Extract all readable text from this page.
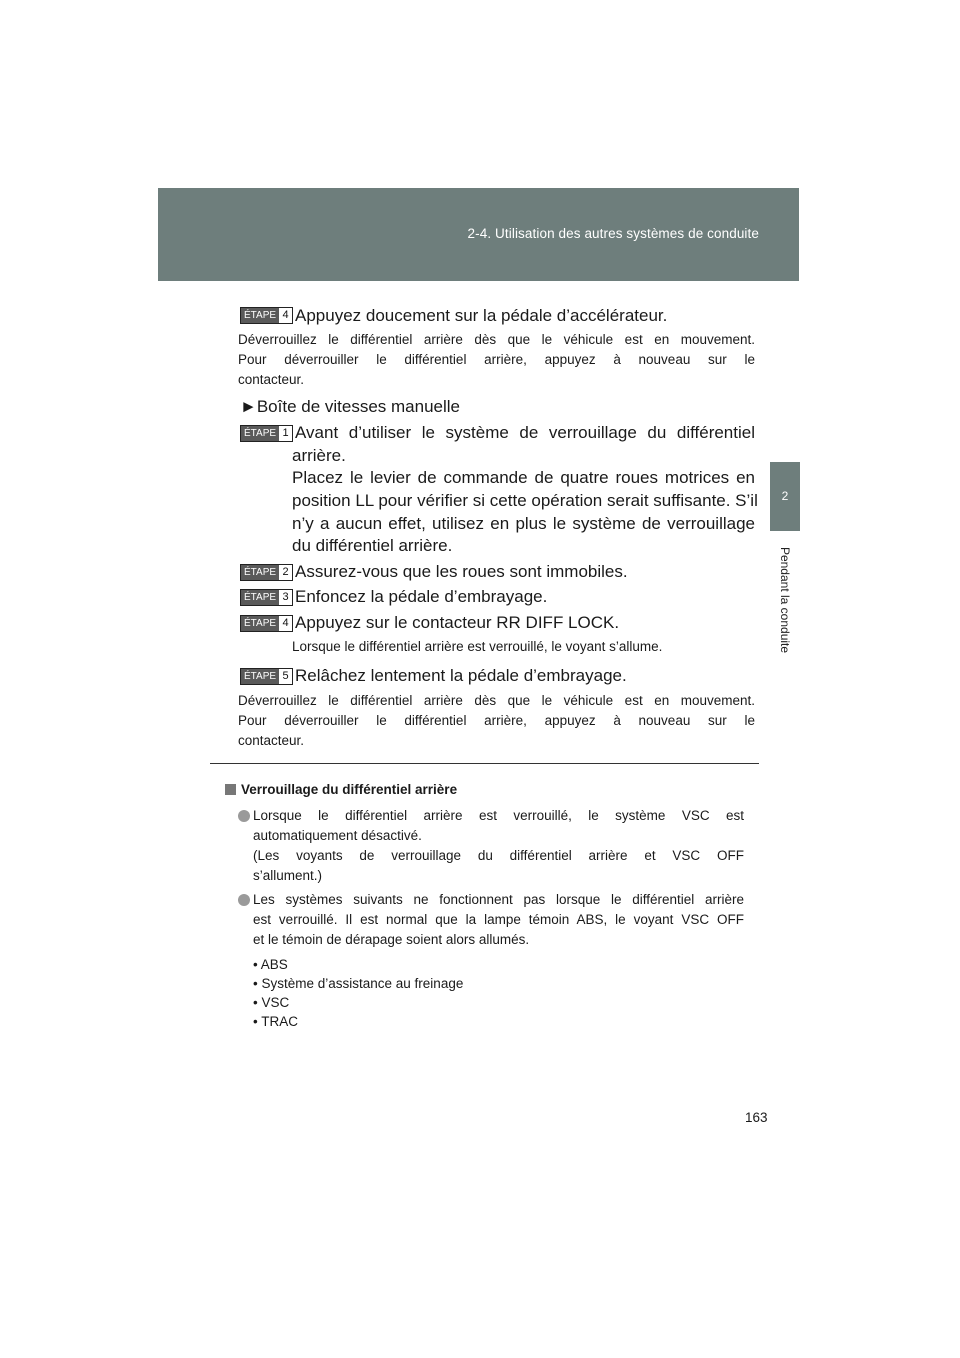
2-4. Utilisation des autres systèmes de conduite
2
Pendant la conduite
ÉTAPE 4 Appuyez doucement sur la pédale d’accélérateur.
Déverrouillez le différentiel arrière dès que le véhicule est en mouvement.
Pour déverrouiller le différentiel arrière, appuyez à nouveau sur le
contacteur.
►Boîte de vitesses manuelle
ÉTAPE 1 Avant d’utiliser le système de verrouillage du différentiel
arrière.
Placez le levier de commande de quatre roues motrices en
position LL pour vérifier si cette opération serait suffisante. S’il
n’y a aucun effet, utilisez en plus le système de verrouillage
du différentiel arrière.
ÉTAPE 2 Assurez-vous que les roues sont immobiles.
ÉTAPE 3 Enfoncez la pédale d’embrayage.
ÉTAPE 4 Appuyez sur le contacteur RR DIFF LOCK.
Lorsque le différentiel arrière est verrouillé, le voyant s’allume.
ÉTAPE 5 Relâchez lentement la pédale d’embrayage.
Déverrouillez le différentiel arrière dès que le véhicule est en mouvement.
Pour déverrouiller le différentiel arrière, appuyez à nouveau sur le
contacteur.
Verrouillage du différentiel arrière
Lorsque le différentiel arrière est verrouillé, le système VSC est
automatiquement désactivé.
(Les voyants de verrouillage du différentiel arrière et VSC OFF
s’allument.)
Les systèmes suivants ne fonctionnent pas lorsque le différentiel arrière
est verrouillé. Il est normal que la lampe témoin ABS, le voyant VSC OFF
et le témoin de dérapage soient alors allumés.
• ABS
• Système d’assistance au freinage
• VSC
• TRAC
163
